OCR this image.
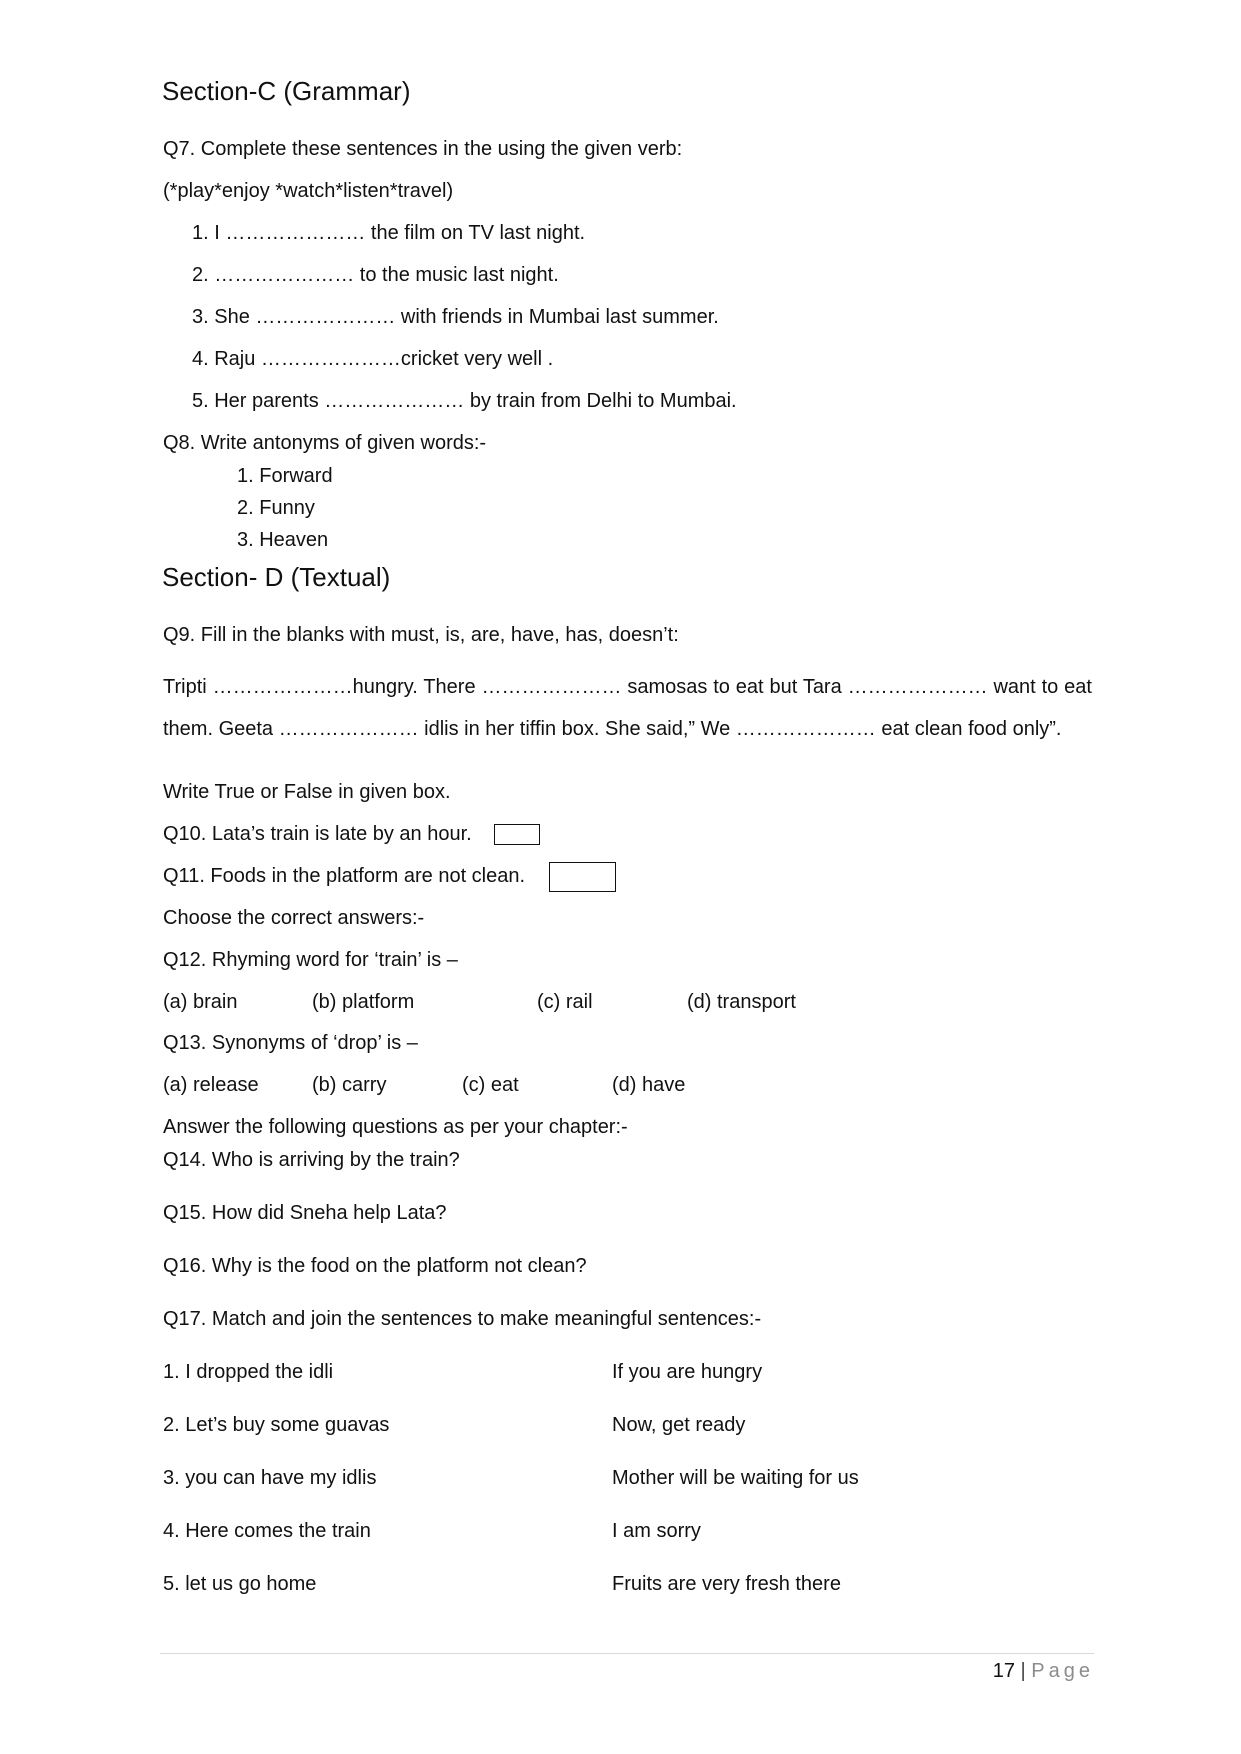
Section-C (Grammar)
Q7. Complete these sentences in the using the given verb:
(*play*enjoy *watch*listen*travel)
1. I ………………… the film on TV last night.
2. ………………… to the music last night.
3. She ………………… with friends in Mumbai last summer.
4. Raju …………………cricket very well .
5. Her parents ………………… by train from Delhi to Mumbai.
Q8. Write antonyms of given words:-
1. Forward
2. Funny
3. Heaven
Section- D (Textual)
Q9. Fill in the blanks with must, is, are, have, has, doesn’t:
Tripti …………………hungry. There ………………… samosas to eat but Tara ………………… want to eat
them. Geeta ………………… idlis in her tiffin box. She said,” We ………………… eat clean food only”.
Write True or False in given box.
Q10. Lata’s train is late by an hour.
Q11. Foods in the platform are not clean.
Choose the correct answers:-
Q12. Rhyming word for ‘train’ is –
(a) brain	(b) platform	(c) rail	(d) transport
Q13. Synonyms of ‘drop’ is –
(a) release	(b) carry	(c) eat	(d) have
Answer the following questions as per your chapter:-
Q14. Who is arriving by the train?
Q15. How did Sneha help Lata?
Q16. Why is the food on the platform not clean?
Q17. Match and join the sentences to make meaningful sentences:-
1. I dropped the idli	If you are hungry
2. Let’s buy some guavas	Now, get ready
3. you can have my idlis	Mother will be waiting for us
4. Here comes the train	I am sorry
5. let us go home	Fruits are very fresh there
17 | Page
